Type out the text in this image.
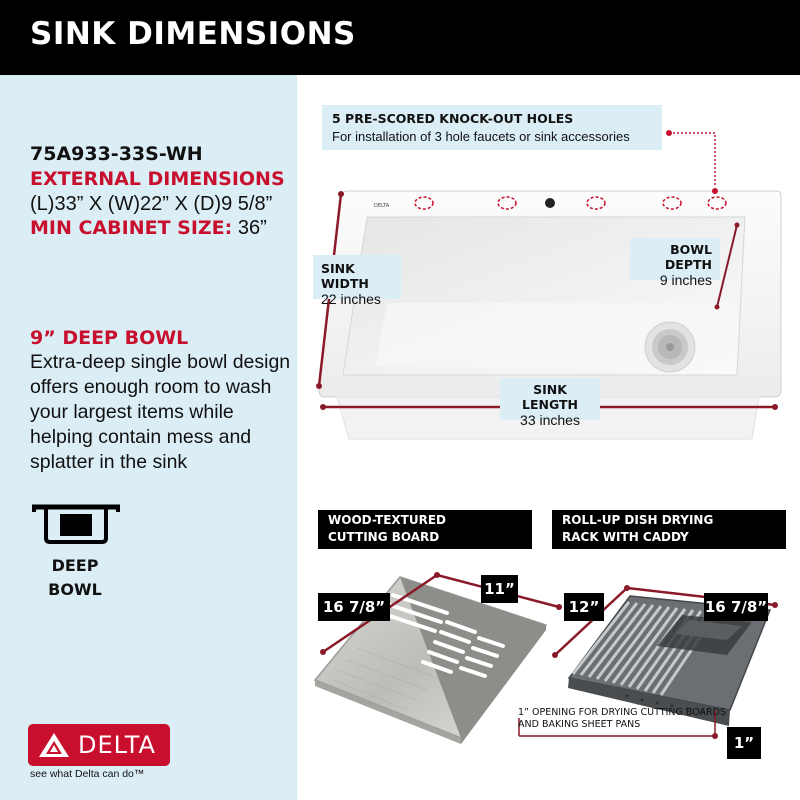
SINK DIMENSIONS
75A933-33S-WH
EXTERNAL DIMENSIONS
(L)33” X (W)22” X (D)9 5/8”
MIN CABINET SIZE: 36”
9” DEEP BOWL
Extra-deep single bowl design offers enough room to wash your largest items while helping contain mess and splatter in the sink
DEEP
BOWL
DELTA
see what Delta can do™
DELTA
5 PRE-SCORED KNOCK-OUT HOLES
For installation of 3 hole faucets or sink accessories
SINK WIDTH
22 inches
BOWL DEPTH
9 inches
SINK LENGTH
33 inches
WOOD-TEXTURED
CUTTING BOARD
ROLL-UP DISH DRYING
RACK WITH CADDY
16 7/8”
11”
12”	16 7/8”
1”
1” OPENING FOR DRYING CUTTING BOARDS AND BAKING SHEET PANS
